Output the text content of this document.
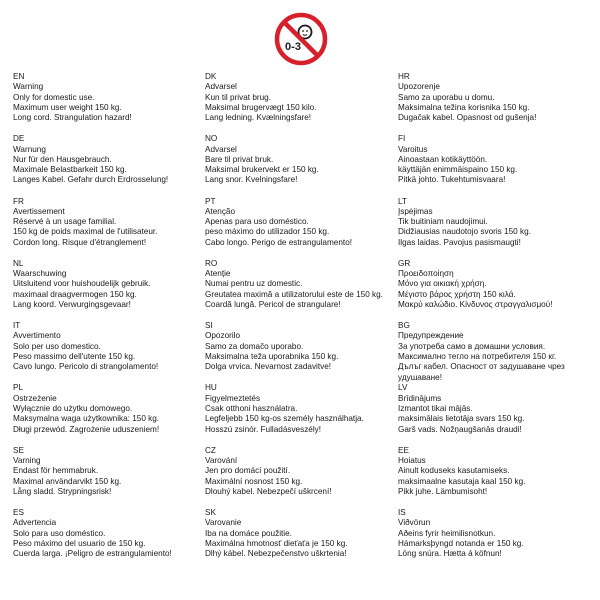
0-3
EN
Warning
Only for domestic use.
Maximum user weight 150 kg.
Long cord. Strangulation hazard!
DE
Warnung
Nur für den Hausgebrauch.
Maximale Belastbarkeit 150 kg.
Langes Kabel. Gefahr durch Erdrosselung!
FR
Avertissement
Réservé à un usage familial.
150 kg de poids maximal de l'utilisateur.
Cordon long. Risque d'étranglement!
NL
Waarschuwing
Uitsluitend voor huishoudelijk gebruik.
maximaal draagvermogen 150 kg.
Lang koord. Verwurgingsgevaar!
IT
Avvertimento
Solo per uso domestico.
Peso massimo dell'utente 150 kg.
Cavo lungo. Pericolo di strangolamento!
PL
Ostrzeżenie
Wyłącznie do użytku domowego.
Maksymalna waga użytkownika: 150 kg.
Długi przewód. Zagrożenie uduszeniem!
SE
Varning
Endast för hemmabruk.
Maximal användarvikt 150 kg.
Lång sladd. Strypningsrisk!
ES
Advertencia
Solo para uso doméstico.
Peso máximo del usuario de 150 kg.
Cuerda larga. ¡Peligro de estrangulamiento!
DK
Advarsel
Kun til privat brug.
Maksimal brugervægt 150 kilo.
Lang ledning. Kvælningsfare!
NO
Advarsel
Bare til privat bruk.
Maksimal brukervekt er 150 kg.
Lang snor. Kvelningsfare!
PT
Atenção
Apenas para uso doméstico.
peso máximo do utilizador 150 kg.
Cabo longo. Perigo de estrangulamento!
RO
Atenție
Numai pentru uz domestic.
Greutatea maximă a utilizatorului este de 150 kg.
Coardă lungă. Pericol de strangulare!
SI
Opozorilo
Samo za domačo uporabo.
Maksimalna teža uporabnika 150 kg.
Dolga vrvica. Nevarnost zadavitve!
HU
Figyelmeztetés
Csak otthoni használatra.
Legfeljebb 150 kg-os személy használhatja.
Hosszú zsinór. Fulladásveszély!
CZ
Varování
Jen pro domácí použití.
Maximální nosnost 150 kg.
Dlouhý kabel. Nebezpečí uškrcení!
SK
Varovanie
Iba na domáce použitie.
Maximálna hmotnosť dieťaťa je 150 kg.
Dlhý kábel. Nebezpečenstvo uškrtenia!
HR
Upozorenje
Samo za uporabu u domu.
Maksimalna težina korisnika 150 kg.
Dugačak kabel. Opasnost od gušenja!
FI
Varoitus
Ainoastaan kotikäyttöön.
käyttäjän enimmäispaino 150 kg.
Pitkä johto. Tukehtumisvaara!
LT
Įspėjimas
Tik buitiniam naudojimui.
Didžiausias naudotojo svoris 150 kg.
Ilgas laidas. Pavojus pasismaugti!
GR
Προειδοποίηση
Μόνο για οικιακή χρήση.
Μέγιστο βάρος χρήστη 150 κιλά.
Μακρύ καλώδιο. Κίνδυνος στραγγαλισμού!
BG
Предупреждение
За употреба само в домашни условия.
Максимално тегло на потребителя 150 кг.
Дълъг кабел. Опасност от задушаване чрез удушаване!
LV
Brīdinājums
Izmantot tikai mājās.
maksimālais lietotāja svars 150 kg.
Garš vads. Nožņaugšanās draudi!
EE
Hoiatus
Ainult koduseks kasutamiseks.
maksimaalne kasutaja kaal 150 kg.
Pikk juhe. Lämbumisoht!
IS
Viðvörun
Aðeins fyrir heimilisnotkun.
Hámarksþyngd notanda er 150 kg.
Löng snúra. Hætta á köfnun!
